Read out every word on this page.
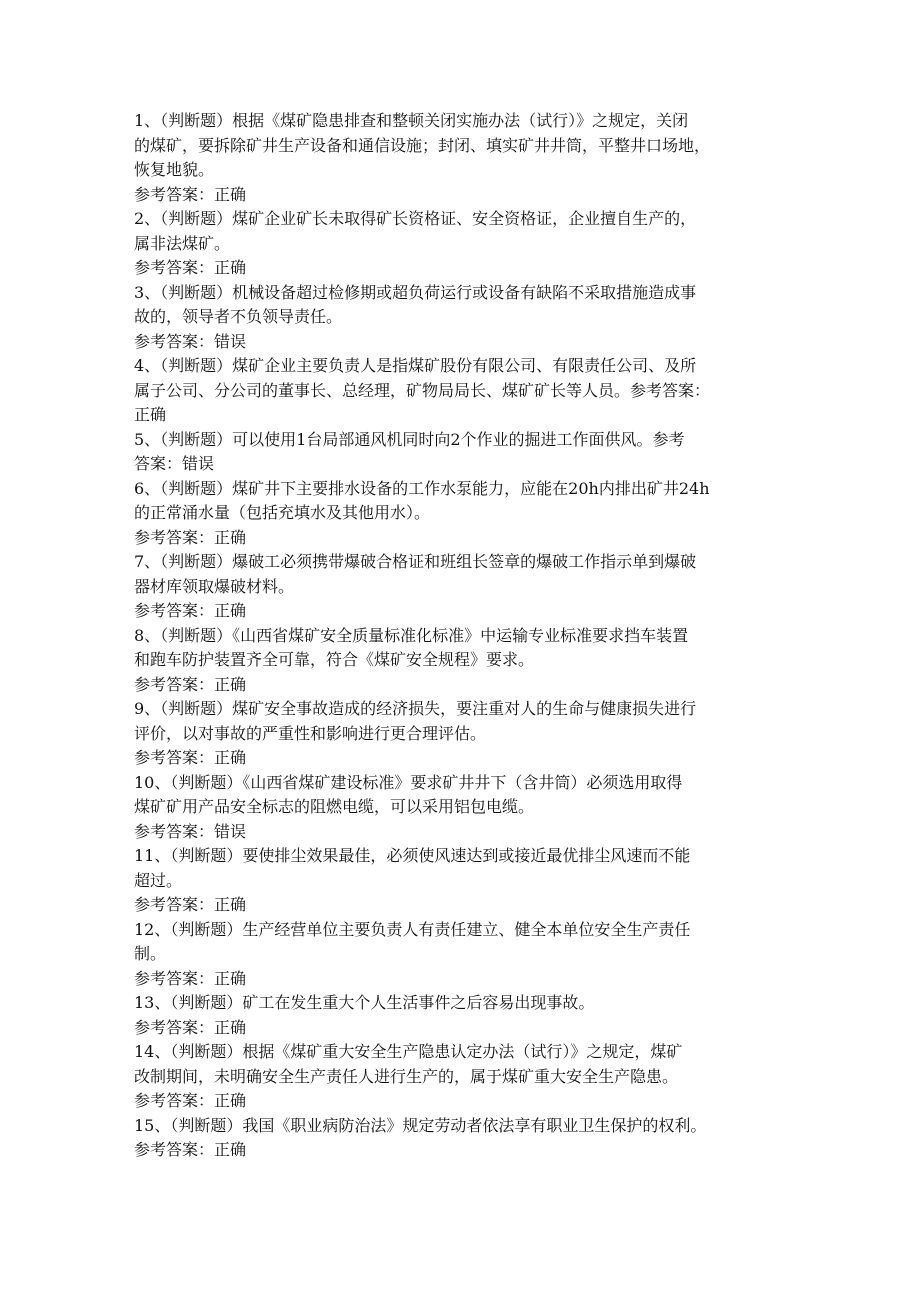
1、（判断题）根据《煤矿隐患排查和整顿关闭实施办法（试行）》之规定，关闭
的煤矿，要拆除矿井生产设备和通信设施；封闭、填实矿井井筒，平整井口场地，
恢复地貌。
参考答案：正确
2、（判断题）煤矿企业矿长未取得矿长资格证、安全资格证，企业擅自生产的，
属非法煤矿。
参考答案：正确
3、（判断题）机械设备超过检修期或超负荷运行或设备有缺陷不采取措施造成事
故的，领导者不负领导责任。
参考答案：错误
4、（判断题）煤矿企业主要负责人是指煤矿股份有限公司、有限责任公司、及所
属子公司、分公司的董事长、总经理，矿物局局长、煤矿矿长等人员。参考答案：
正确
5、（判断题）可以使用1台局部通风机同时向2个作业的掘进工作面供风。参考
答案：错误
6、（判断题）煤矿井下主要排水设备的工作水泵能力，应能在20h内排出矿井24h
的正常涌水量（包括充填水及其他用水）。
参考答案：正确
7、（判断题）爆破工必须携带爆破合格证和班组长签章的爆破工作指示单到爆破
器材库领取爆破材料。
参考答案：正确
8、（判断题）《山西省煤矿安全质量标准化标准》中运输专业标准要求挡车装置
和跑车防护装置齐全可靠，符合《煤矿安全规程》要求。
参考答案：正确
9、（判断题）煤矿安全事故造成的经济损失，要注重对人的生命与健康损失进行
评价，以对事故的严重性和影响进行更合理评估。
参考答案：正确
10、（判断题）《山西省煤矿建设标准》要求矿井井下（含井筒）必须选用取得
煤矿矿用产品安全标志的阻燃电缆，可以采用铝包电缆。
参考答案：错误
11、（判断题）要使排尘效果最佳，必须使风速达到或接近最优排尘风速而不能
超过。
参考答案：正确
12、（判断题）生产经营单位主要负责人有责任建立、健全本单位安全生产责任
制。
参考答案：正确
13、（判断题）矿工在发生重大个人生活事件之后容易出现事故。
参考答案：正确
14、（判断题）根据《煤矿重大安全生产隐患认定办法（试行）》之规定，煤矿
改制期间，未明确安全生产责任人进行生产的，属于煤矿重大安全生产隐患。
参考答案：正确
15、（判断题）我国《职业病防治法》规定劳动者依法享有职业卫生保护的权利。
参考答案：正确
